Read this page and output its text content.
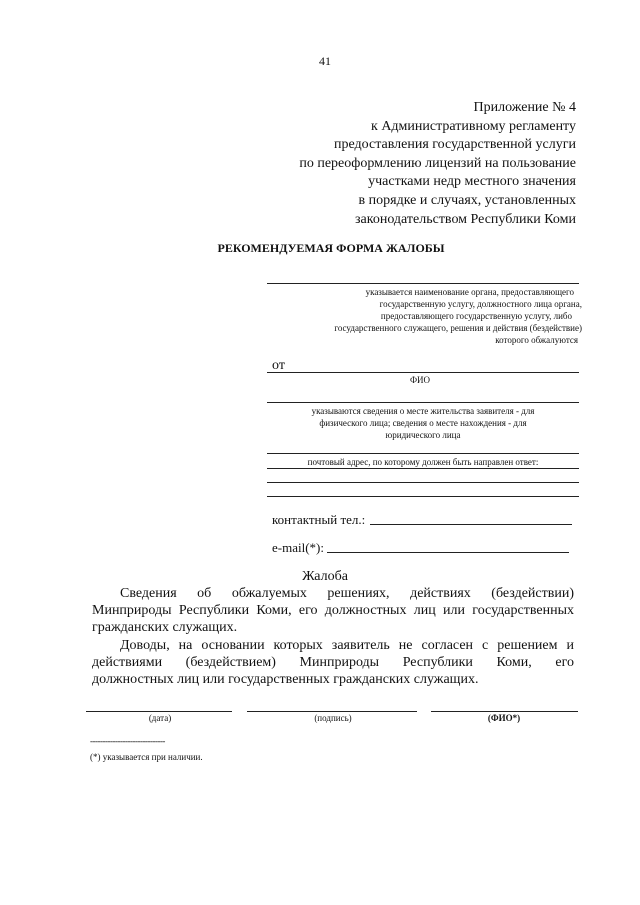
41
Приложение № 4
к Административному регламенту
предоставления государственной услуги
по переоформлению лицензий на пользование
участками недр местного значения
в порядке и случаях, установленных
законодательством Республики Коми
РЕКОМЕНДУЕМАЯ ФОРМА ЖАЛОБЫ
указывается наименование органа, предоставляющего
государственную услугу, должностного лица органа,
предоставляющего государственную услугу, либо
государственного служащего, решения и действия (бездействие)
которого обжалуются
от
ФИО
указываются сведения о месте жительства заявителя - для
физического лица; сведения о месте нахождения - для
юридического лица
почтовый адрес, по которому должен быть направлен ответ:
контактный тел.:
e-mail(*):
Жалоба
Сведения об обжалуемых решениях, действиях (бездействии)
Минприроды Республики Коми, его должностных лиц или государственных
гражданских служащих.
Доводы, на основании которых заявитель не согласен с решением и
действиями (бездействием) Минприроды Республики Коми, его
должностных лиц или государственных гражданских служащих.
(дата)	(подпись)	(ФИО*)
------------------------------
(*) указывается при наличии.
